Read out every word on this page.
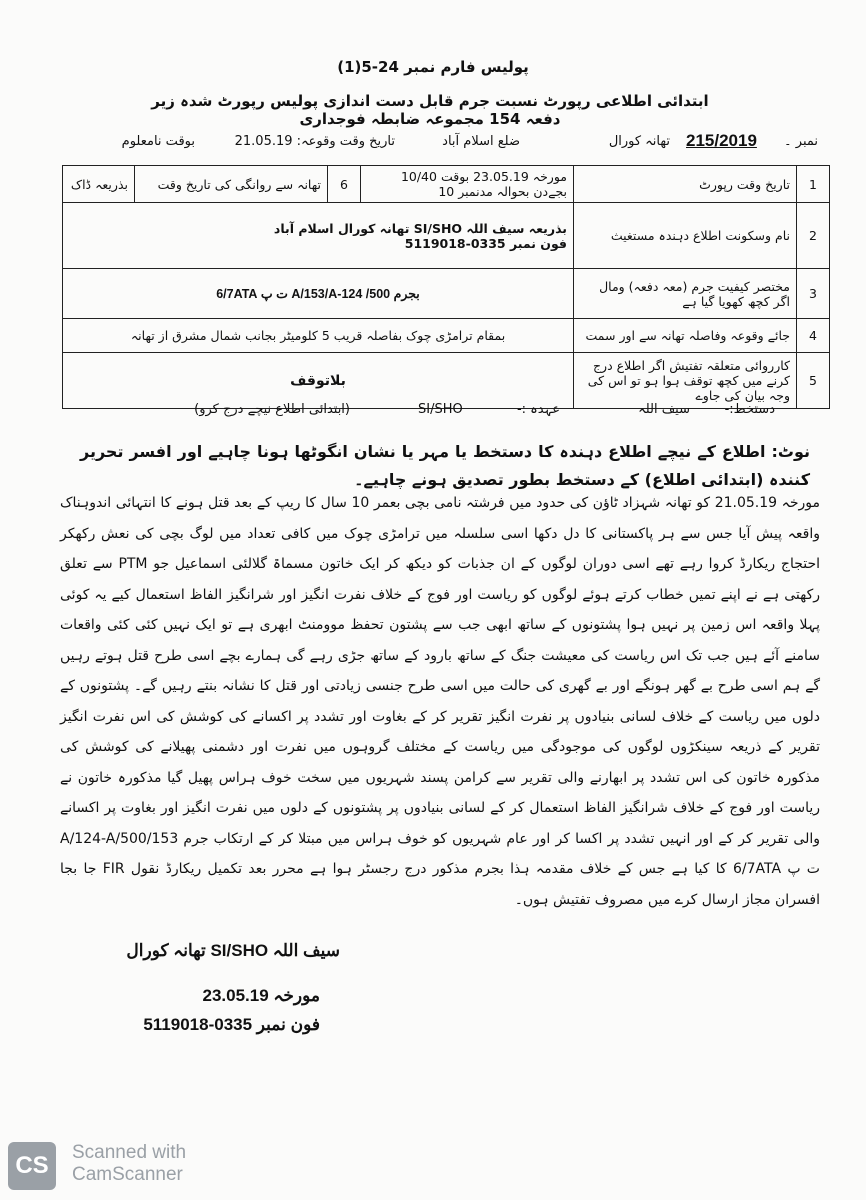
پولیس فارم نمبر 24-5(1)
ابتدائی اطلاعی رپورٹ نسبت جرم قابل دست اندازی پولیس رپورٹ شدہ زیر دفعہ 154 مجموعہ ضابطہ فوجداری
نمبر ۔
215/2019
تھانہ کورال
ضلع اسلام آباد
تاریخ وقت وقوعہ: 21.05.19
بوقت نامعلوم
1	تاریخ وقت رپورٹ	مورخہ 23.05.19 بوقت 10/40 بجےدن بحوالہ مدنمبر 10	6	تھانہ سے روانگی کی تاریخ وقت	بذریعہ ڈاک
2	نام وسکونت اطلاع دہندہ مستغیث	بذریعہ سیف اللہ SI/SHO تھانہ کورال اسلام آباد
فون نمبر 0335-5119018			

3	مختصر کیفیت جرم (معہ دفعہ) ومال اگر کچھ کھویا گیا ہے	بجرم 500/ 124-A/153/A ت پ 6/7ATA			
4	جائے وقوعہ وفاصلہ تھانہ سے اور سمت	بمقام ترامڑی چوک بفاصلہ قریب 5 کلومیٹر بجانب شمال مشرق از تھانہ			
5	کارروائی متعلقہ تفتیش اگر اطلاع درج کرنے میں کچھ توقف ہوا ہو تو اس کی وجہ بیان کی جاوے	بلاتوقف			
دستخط:-
سیف اللہ
عہدہ :-
SI/SHO
(ابتدائی اطلاع نیچے درج کرو)
نوٹ: اطلاع کے نیچے اطلاع دہندہ کا دستخط یا مہر یا نشان انگوٹھا ہونا چاہیے اور افسر تحریر کنندہ (ابتدائی اطلاع) کے دستخط بطور تصدیق ہونے چاہیے۔
مورخہ 21.05.19 کو تھانہ شہزاد ٹاؤن کی حدود میں فرشتہ نامی بچی بعمر 10 سال کا ریپ کے بعد قتل ہونے کا انتہائی اندوہناک واقعہ پیش آیا جس سے ہر پاکستانی کا دل دکھا اسی سلسلہ میں ترامڑی چوک میں کافی تعداد میں لوگ بچی کی نعش رکھکر احتجاج ریکارڈ کروا رہے تھے اسی دوران لوگوں کے ان جذبات کو دیکھ کر ایک خاتون مسماۃ گلالئی اسماعیل جو PTM سے تعلق رکھتی ہے نے اپنے تمیں خطاب کرتے ہوئے لوگوں کو ریاست اور فوج کے خلاف نفرت انگیز اور شرانگیز الفاظ استعمال کیے یہ کوئی پہلا واقعہ اس زمین پر نہیں ہوا پشتونوں کے ساتھ ابھی جب سے پشتون تحفظ موومنٹ ابھری ہے تو ایک نہیں کئی کئی واقعات سامنے آئے ہیں جب تک اس ریاست کی معیشت جنگ کے ساتھ بارود کے ساتھ جڑی رہے گی ہمارے بچے اسی طرح قتل ہوتے رہیں گے ہم اسی طرح بے گھر ہونگے اور بے گھری کی حالت میں اسی طرح جنسی زیادتی اور قتل کا نشانہ بنتے رہیں گے۔ پشتونوں کے دلوں میں ریاست کے خلاف لسانی بنیادوں پر نفرت انگیز تقریر کر کے بغاوت اور تشدد پر اکسانے کی کوشش کی اس نفرت انگیز تقریر کے ذریعہ سینکڑوں لوگوں کی موجودگی میں ریاست کے مختلف گروہوں میں نفرت اور دشمنی پھیلانے کی کوشش کی مذکورہ خاتون کی اس تشدد پر ابھارنے والی تقریر سے کرامن پسند شہریوں میں سخت خوف ہراس پھیل گیا مذکورہ خاتون نے ریاست اور فوج کے خلاف شرانگیز الفاظ استعمال کر کے لسانی بنیادوں پر پشتونوں کے دلوں میں نفرت انگیز اور بغاوت پر اکسانے والی تقریر کر کے اور انہیں تشدد پر اکسا کر اور عام شہریوں کو خوف ہراس میں مبتلا کر کے ارتکاب جرم 500/153/A/124-A ت پ 6/7ATA کا کیا ہے جس کے خلاف مقدمہ ہذا بجرم مذکور درج رجسٹر ہوا ہے محرر بعد تکمیل ریکارڈ نقول FIR جا بجا افسران مجاز ارسال کرے میں مصروف تفتیش ہوں۔
سیف اللہ SI/SHO تھانہ کورال
مورخہ 23.05.19
فون نمبر 0335-5119018
CS	Scanned with
CamScanner
